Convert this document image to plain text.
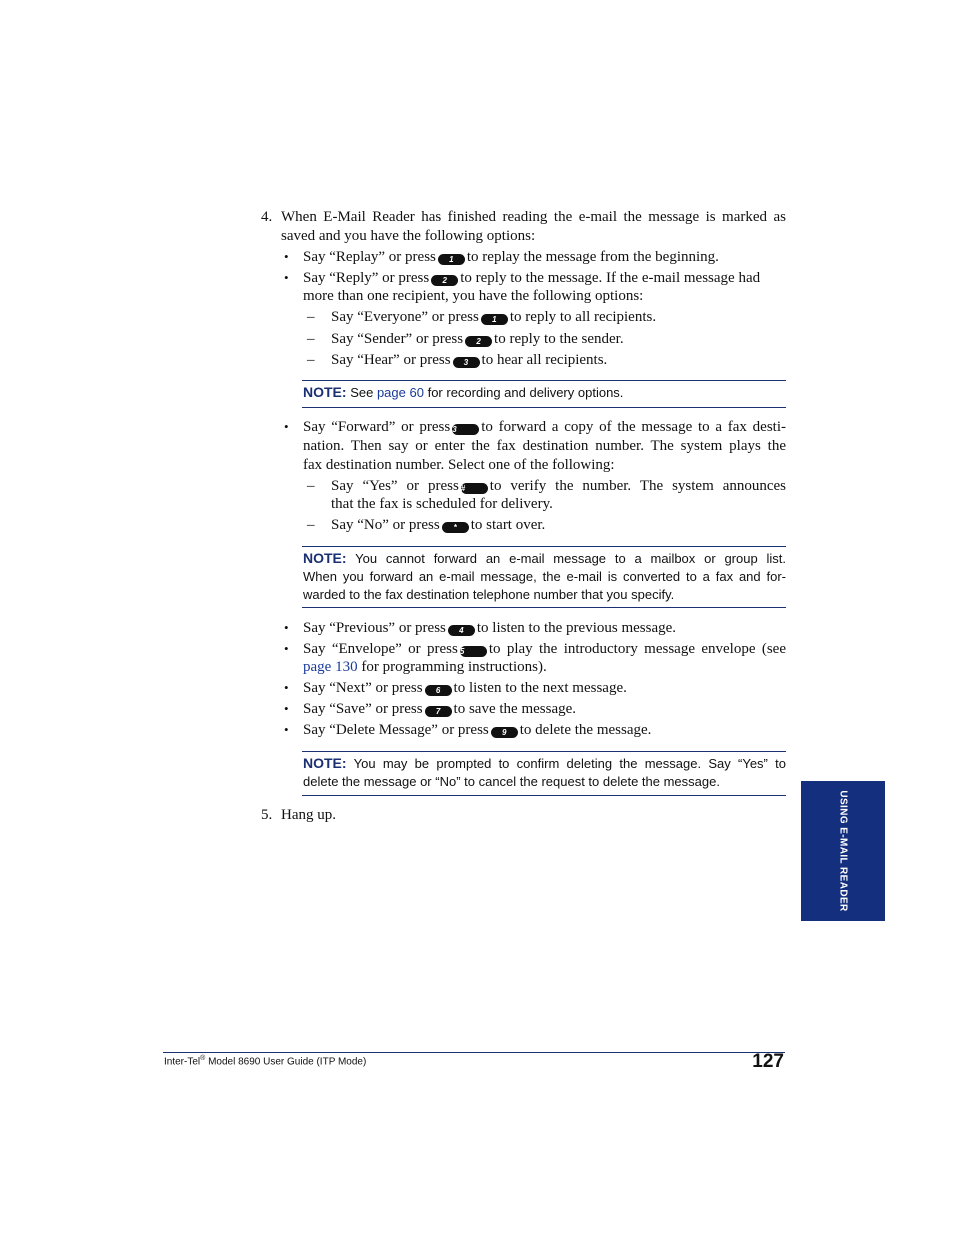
4. When E-Mail Reader has finished reading the e-mail the message is marked as
saved and you have the following options:
• Say “Replay” or press 1 to replay the message from the beginning.
• Say “Reply” or press 2 to reply to the message. If the e-mail message had
more than one recipient, you have the following options:
– Say “Everyone” or press 1 to reply to all recipients.
– Say “Sender” or press 2 to reply to the sender.
– Say “Hear” or press 3 to hear all recipients.
NOTE: See page 60 for recording and delivery options.
• Say “Forward” or press 3 to forward a copy of the message to a fax desti-
nation. Then say or enter the fax destination number. The system plays the
fax destination number. Select one of the following:
– Say “Yes” or press # to verify the number. The system announces
that the fax is scheduled for delivery.
– Say “No” or press * to start over.
NOTE: You cannot forward an e-mail message to a mailbox or group list.
When you forward an e-mail message, the e-mail is converted to a fax and for-
warded to the fax destination telephone number that you specify.
• Say “Previous” or press 4 to listen to the previous message.
• Say “Envelope” or press 5 to play the introductory message envelope (see
page 130 for programming instructions).
• Say “Next” or press 6 to listen to the next message.
• Say “Save” or press 7 to save the message.
• Say “Delete Message” or press 9 to delete the message.
NOTE: You may be prompted to confirm deleting the message. Say “Yes” to
delete the message or “No” to cancel the request to delete the message.
5. Hang up.	USING E-MAIL READER
Inter-Tel® Model 8690 User Guide (ITP Mode)	127
